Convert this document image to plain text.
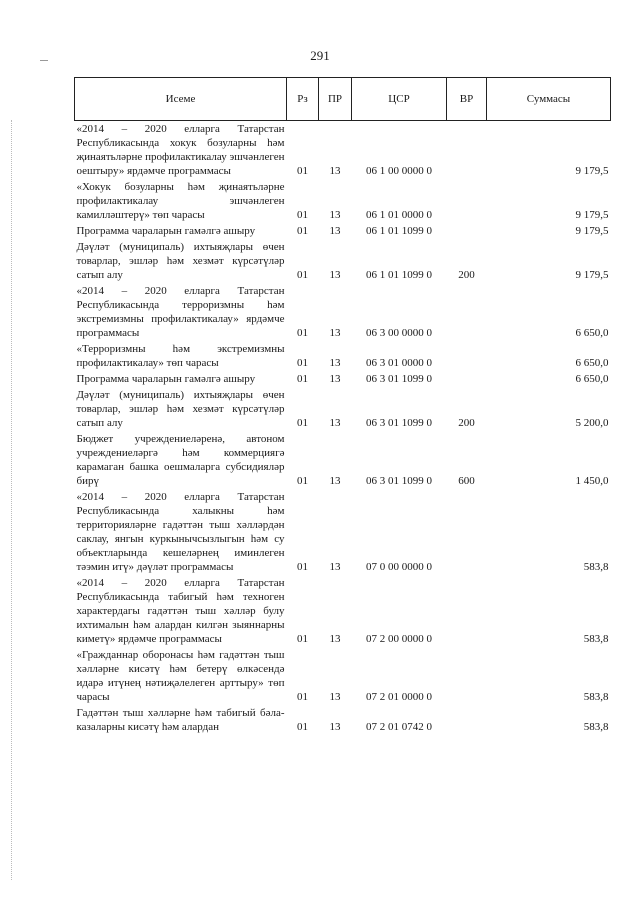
291
Исеме	Рз	ПР	ЦСР	ВР	Суммасы
«2014 – 2020 елларга Татарстан Республикасында хокук бозуларны һәм җинаятьләрне профилактикалау эшчәнлеген оештыру» ярдәмче программасы	01	13	06 1 00 0000 0		9 179,5
«Хокук бозуларны һәм җинаятьләрне профилактикалау эшчәнлеген камилләштерү» төп чарасы	01	13	06 1 01 0000 0		9 179,5
Программа чараларын гамәлгә ашыру	01	13	06 1 01 1099 0		9 179,5
Дәүләт (муниципаль) ихтыяҗлары өчен товарлар, эшләр һәм хезмәт күрсәтүләр сатып алу	01	13	06 1 01 1099 0	200	9 179,5
«2014 – 2020 елларга Татарстан Республикасында терроризмны һәм экстремизмны профилактикалау» ярдәмче программасы	01	13	06 3 00 0000 0		6 650,0
«Терроризмны һәм экстремизмны профилактикалау» төп чарасы	01	13	06 3 01 0000 0		6 650,0
Программа чараларын гамәлгә ашыру	01	13	06 3 01 1099 0		6 650,0
Дәүләт (муниципаль) ихтыяҗлары өчен товарлар, эшләр һәм хезмәт күрсәтүләр сатып алу	01	13	06 3 01 1099 0	200	5 200,0
Бюджет учреждениеләренә, автоном учреждениеләргә һәм коммерциягә карамаган башка оешмаларга субсидияләр бирү	01	13	06 3 01 1099 0	600	1 450,0
«2014 – 2020 елларга Татарстан Республикасында халыкны һәм территорияләрне гадәттән тыш хәлләрдән саклау, янгын куркынычсызлыгын һәм су объектларында кешеләрнең иминлеген тәэмин итү» дәүләт программасы	01	13	07 0 00 0000 0		583,8
«2014 – 2020 елларга Татарстан Республикасында табигый һәм техноген характердагы гадәттән тыш хәлләр булу ихтималын һәм алардан килгән зыяннарны киметү» ярдәмче программасы	01	13	07 2 00 0000 0		583,8
«Гражданнар оборонасы һәм гадәттән тыш хәлләрне кисәтү һәм бетерү өлкәсендә идарә итүнең нәтиҗәлелеген арттыру» төп чарасы	01	13	07 2 01 0000 0		583,8
Гадәттән тыш хәлләрне һәм табигый бәла-казаларны кисәтү һәм алардан	01	13	07 2 01 0742 0		583,8
